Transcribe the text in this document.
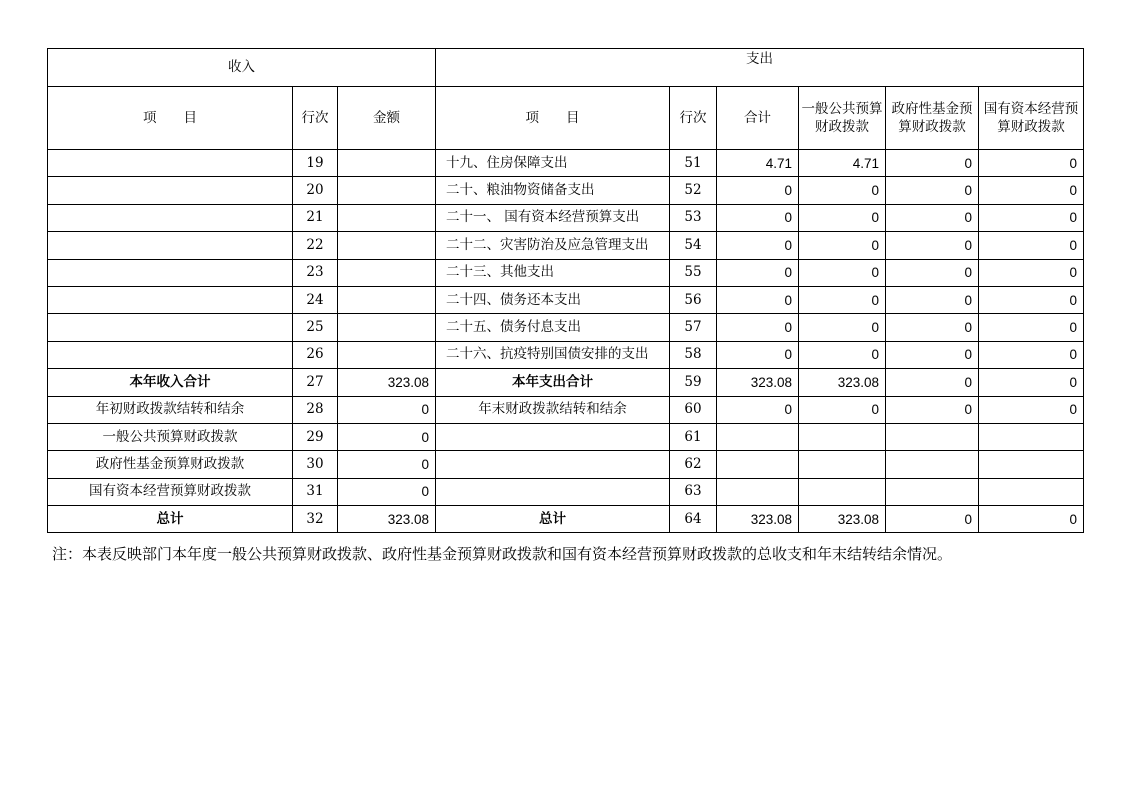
收入			支出					
项　　目	行次	金额	项　　目	行次	合计	一般公共预算财政拨款	政府性基金预算财政拨款	国有资本经营预算财政拨款
	19		十九、住房保障支出	51	4.71	4.71	0	0
	20		二十、粮油物资储备支出	52	0	0	0	0
	21		二十一、 国有资本经营预算支出	53	0	0	0	0
	22		二十二、灾害防治及应急管理支出	54	0	0	0	0
	23		二十三、其他支出	55	0	0	0	0
	24		二十四、债务还本支出	56	0	0	0	0
	25		二十五、债务付息支出	57	0	0	0	0
	26		二十六、抗疫特别国债安排的支出	58	0	0	0	0
本年收入合计	27	323.08	本年支出合计	59	323.08	323.08	0	0
年初财政拨款结转和结余	28	0	年末财政拨款结转和结余	60	0	0	0	0
一般公共预算财政拨款	29	0		61				
政府性基金预算财政拨款	30	0		62				
国有资本经营预算财政拨款	31	0		63				
总计	32	323.08	总计	64	323.08	323.08	0	0
注：本表反映部门本年度一般公共预算财政拨款、政府性基金预算财政拨款和国有资本经营预算财政拨款的总收支和年末结转结余情况。
